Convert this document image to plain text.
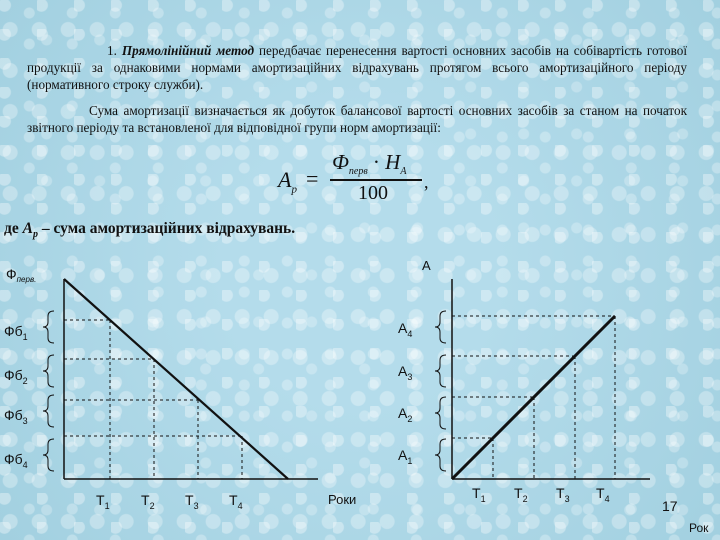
1. Прямолінійний метод передбачає перенесення вартості основних засобів на собівартість готової продукції за однаковими нормами амортизаційних відрахувань протягом всього амортизаційного періоду (нормативного строку служби).

Сума амортизації визначається як добуток балансової вартості основних засобів за станом на початок звітного періоду та встановленої для відповідної групи норм амортизації:

$A_p$ =
$Ф_{перв} \cdot Н_А$
100 ,

де $А_р$ – сума амортизаційних відрахувань.

$Ф_{перв.}$
$Фб_1$
$Фб_2$
$Фб_3$
$Фб_4$
$Т_1$ $Т_2$ $Т_3$ $Т_4$	Роки
А
$А_4$
$А_3$
$А_2$
$А_1$
$Т_1$ $Т_2$ $Т_3$ $Т_4$
Рок
17
